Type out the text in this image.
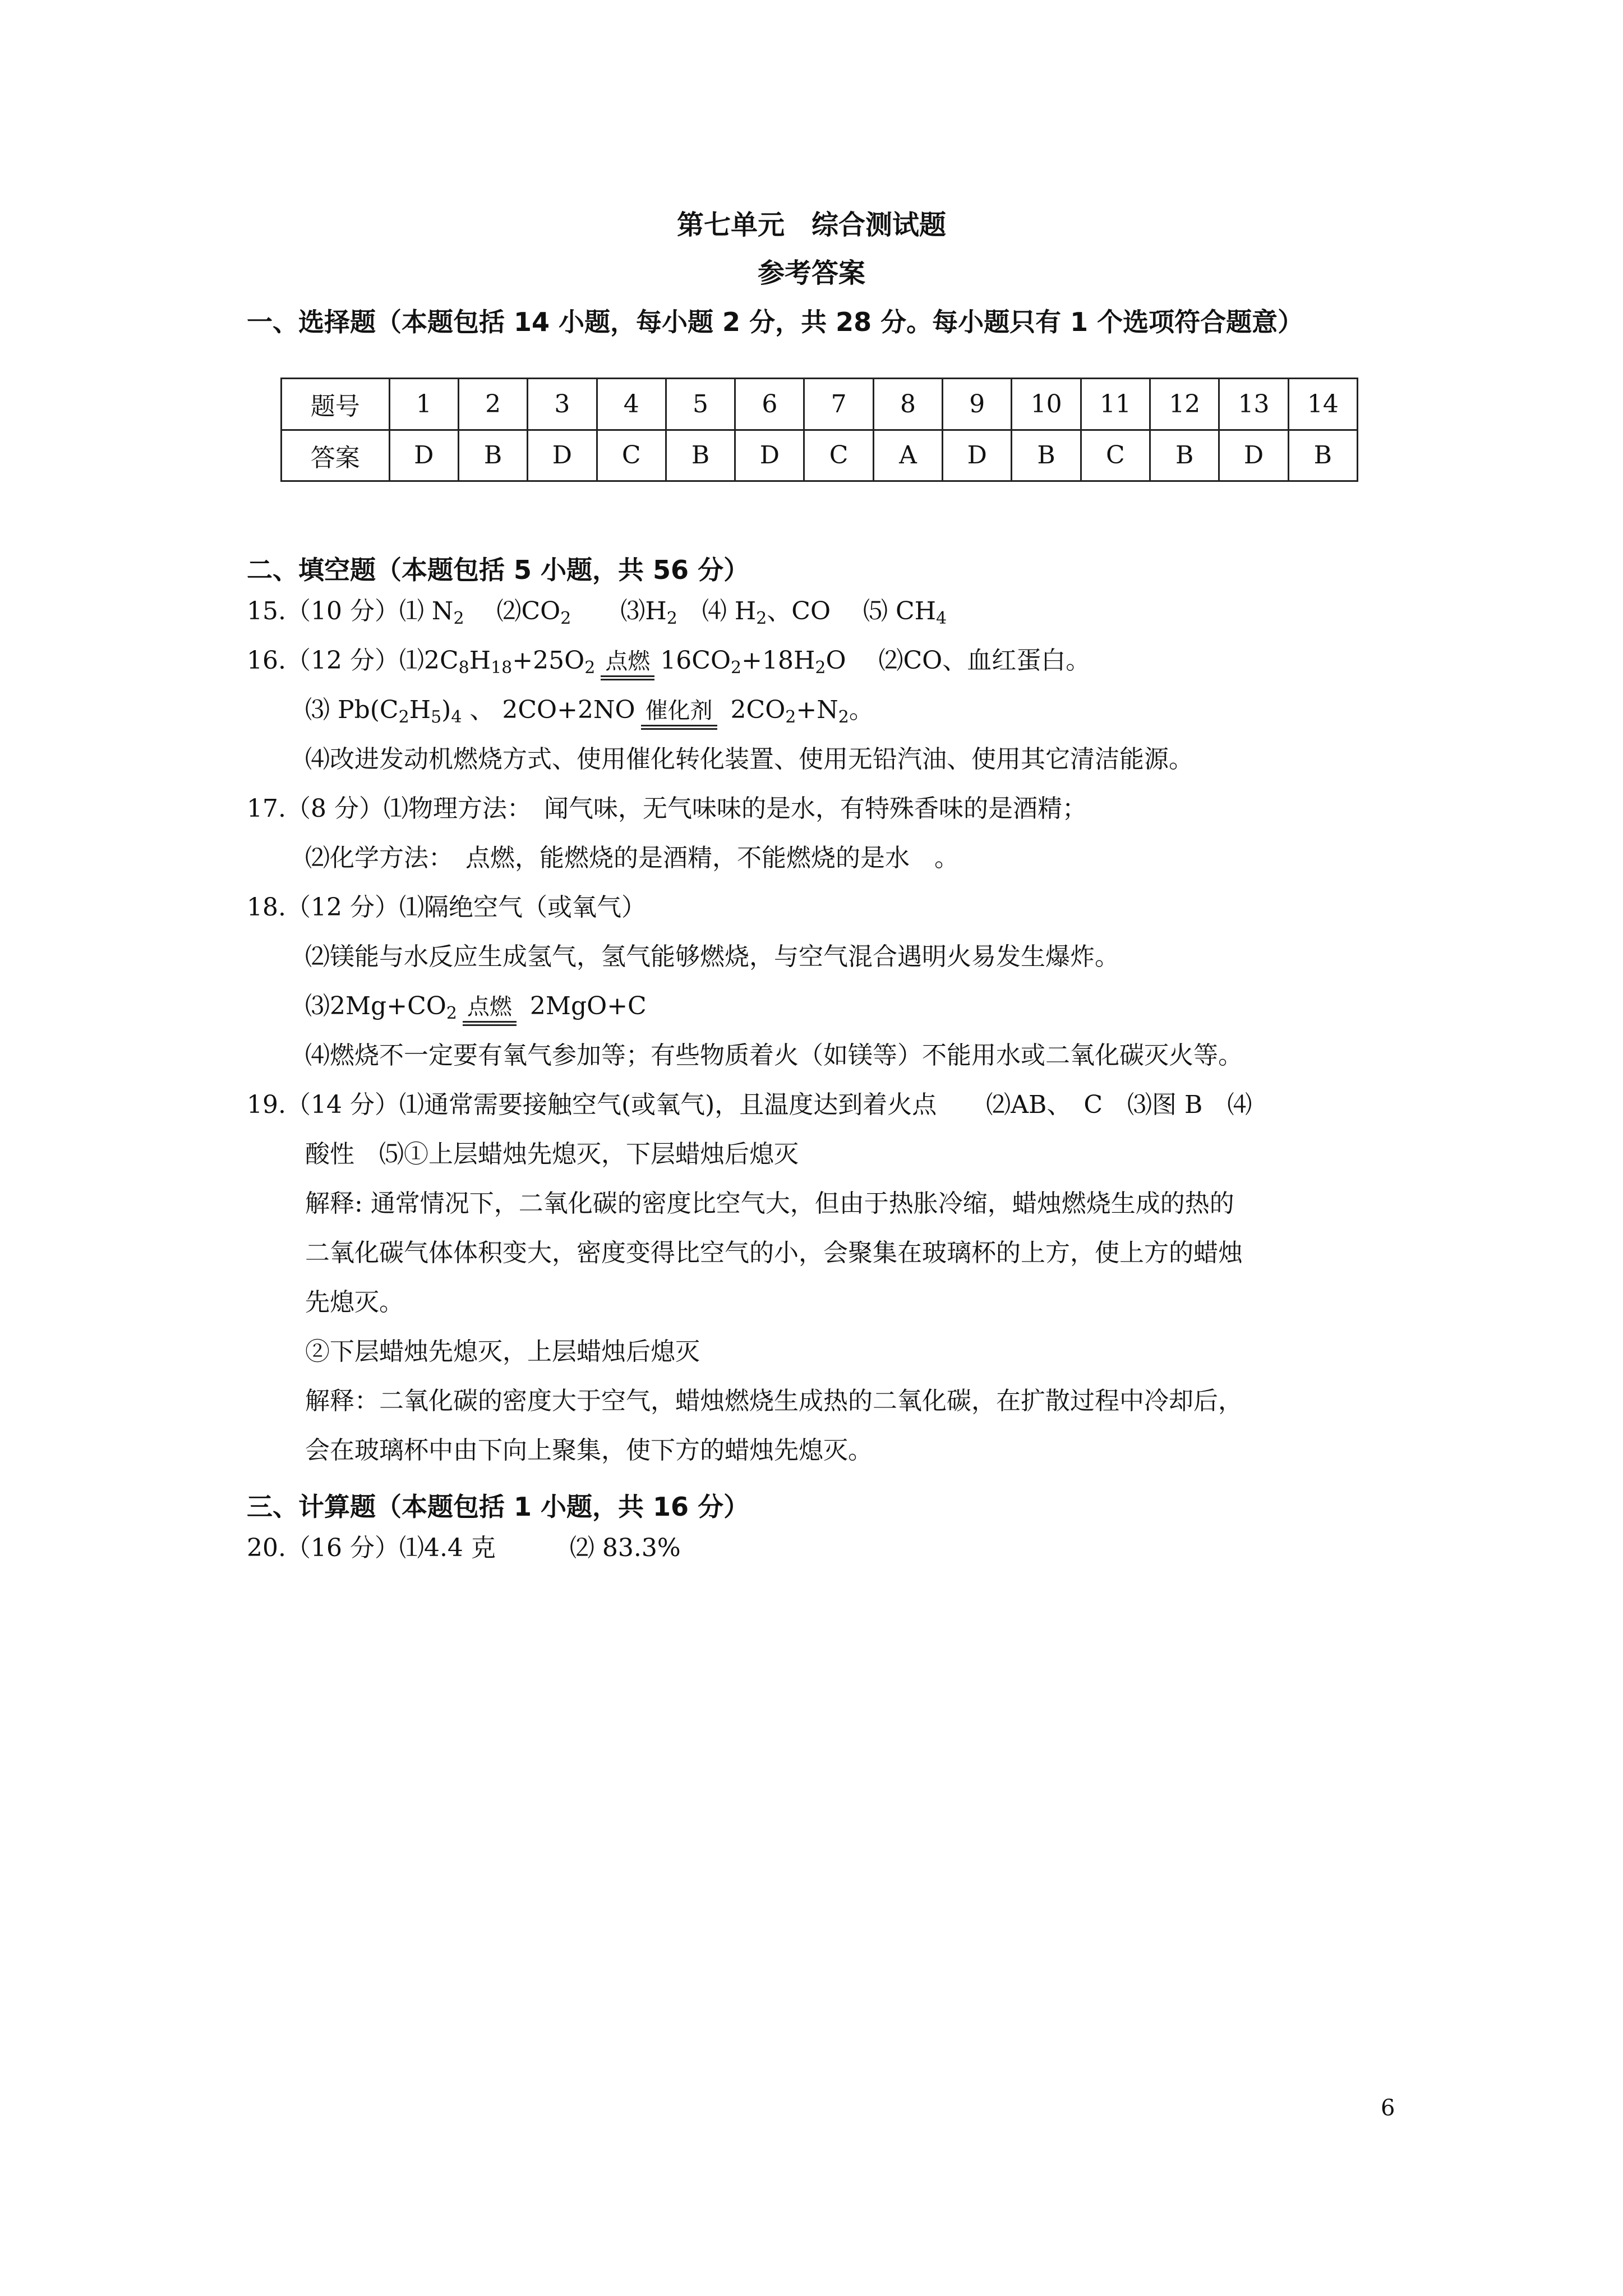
第七单元　综合测试题
参考答案
一、选择题（本题包括 14 小题，每小题 2 分，共 28 分。每小题只有 1 个选项符合题意）
题号	1	2	3	4	5	6	7	8	9	10	11	12	13	14
答案	D	B	D	C	B	D	C	A	D	B	C	B	D	B
二、填空题（本题包括 5 小题，共 56 分）
15.（10 分）⑴ $N_2$　 $⑵CO_2$　　$⑶H_2$　⑷ $H_2$、CO　 ⑸ $CH_4$
16.（12 分）$⑴2C_8H_{18}+25O_2$ 点燃 $16CO_2+18H_2O$　 ⑵CO、血红蛋白。
⑶ $Pb(C_2H_5)_4$ 、 2CO+2NO 催化剂 $2CO_2+N_2$。
⑷改进发动机燃烧方式、使用催化转化装置、使用无铅汽油、使用其它清洁能源。
17.（8 分）⑴物理方法：　闻气味，无气味味的是水，有特殊香味的是酒精；
⑵化学方法：　点燃，能燃烧的是酒精，不能燃烧的是水　。
18.（12 分）⑴隔绝空气（或氧气）
⑵镁能与水反应生成氢气，氢气能够燃烧，与空气混合遇明火易发生爆炸。
$⑶2Mg+CO_2$ 点燃 2MgO+C
⑷燃烧不一定要有氧气参加等；有些物质着火（如镁等）不能用水或二氧化碳灭火等。
19.（14 分）⑴通常需要接触空气(或氧气)，且温度达到着火点　　⑵AB、　C　⑶图 B　⑷
酸性　⑸①上层蜡烛先熄灭，下层蜡烛后熄灭
解释: 通常情况下，二氧化碳的密度比空气大，但由于热胀冷缩，蜡烛燃烧生成的热的
二氧化碳气体体积变大，密度变得比空气的小，会聚集在玻璃杯的上方，使上方的蜡烛
先熄灭。
②下层蜡烛先熄灭，上层蜡烛后熄灭
解释：二氧化碳的密度大于空气，蜡烛燃烧生成热的二氧化碳，在扩散过程中冷却后，
会在玻璃杯中由下向上聚集，使下方的蜡烛先熄灭。
三、计算题（本题包括 1 小题，共 16 分）
20.（16 分）⑴4.4 克　　　⑵ 83.3%
6
